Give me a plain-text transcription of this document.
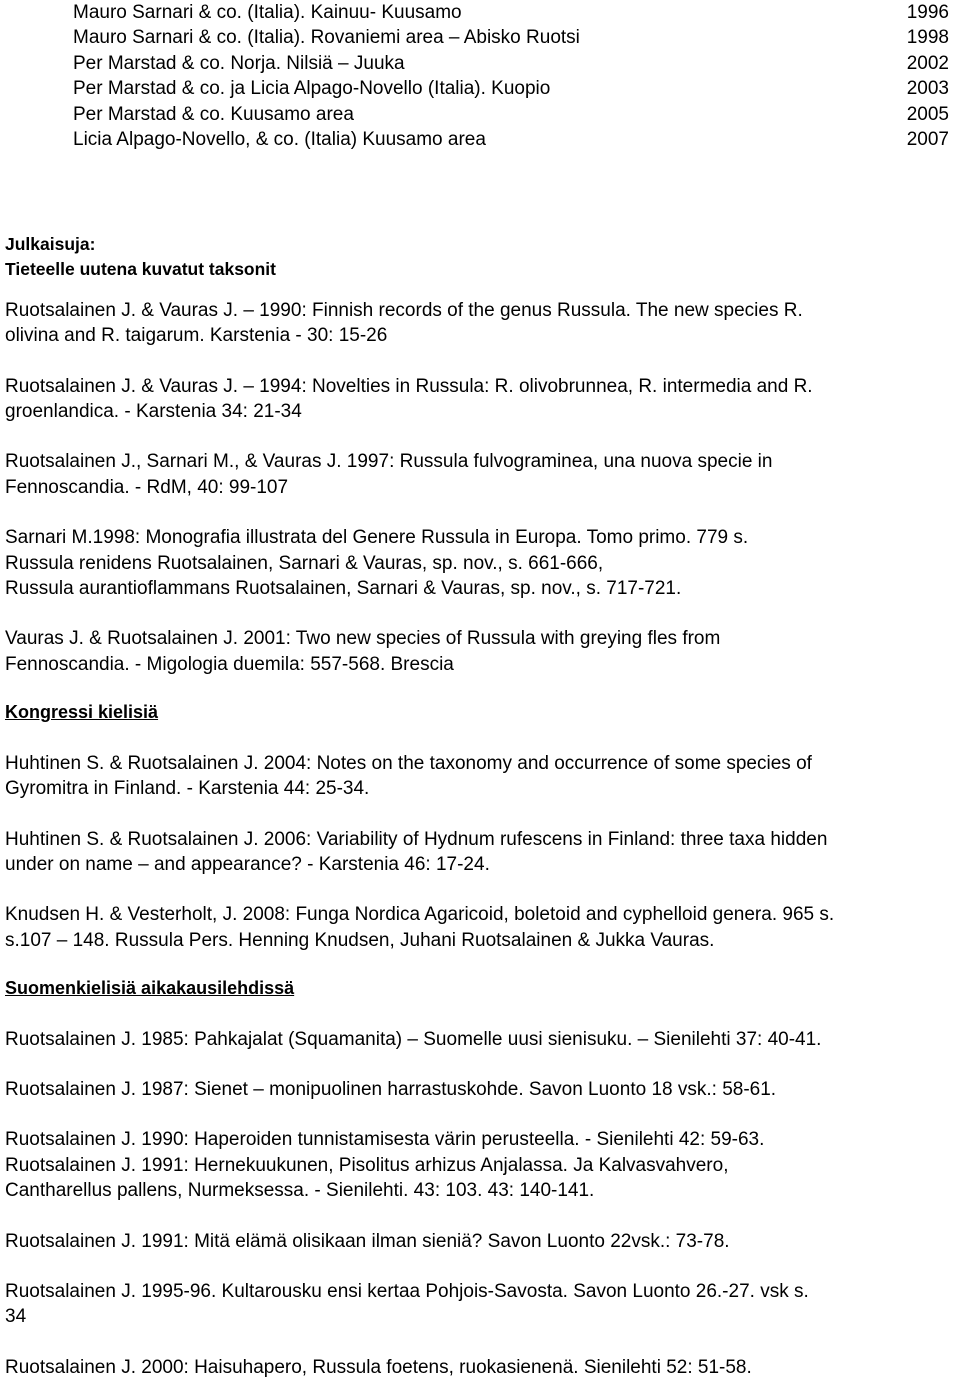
Mauro Sarnari & co. (Italia). Kainuu- Kuusamo	1996
Mauro Sarnari & co. (Italia). Rovaniemi area – Abisko Ruotsi	1998
Per Marstad & co. Norja. Nilsiä – Juuka	2002
Per Marstad & co. ja Licia Alpago-Novello (Italia). Kuopio	2003
Per Marstad & co. Kuusamo area	2005
Licia Alpago-Novello, & co. (Italia) Kuusamo area	2007
Julkaisuja:
Tieteelle uutena kuvatut taksonit
Ruotsalainen J. & Vauras J. – 1990: Finnish records of the genus Russula. The new species R.
olivina and R. taigarum. Karstenia - 30: 15-26
Ruotsalainen J. & Vauras J. – 1994: Novelties in Russula: R. olivobrunnea, R. intermedia and R.
groenlandica. - Karstenia 34: 21-34
Ruotsalainen J., Sarnari M., & Vauras J. 1997: Russula fulvograminea, una nuova specie in
Fennoscandia. - RdM, 40: 99-107
Sarnari M.1998: Monografia illustrata del Genere Russula in Europa. Tomo primo. 779 s.
Russula renidens Ruotsalainen, Sarnari & Vauras, sp. nov., s. 661-666,
Russula aurantioflammans Ruotsalainen, Sarnari & Vauras, sp. nov., s. 717-721.
Vauras J. & Ruotsalainen J. 2001: Two new species of Russula with greying fles from
Fennoscandia. - Migologia duemila: 557-568. Brescia
Kongressi kielisiä
Huhtinen S. & Ruotsalainen J. 2004: Notes on the taxonomy and occurrence of some species of
Gyromitra in Finland. - Karstenia 44: 25-34.
Huhtinen S. & Ruotsalainen J. 2006: Variability of Hydnum rufescens in Finland: three taxa hidden
under on name – and appearance? - Karstenia 46: 17-24.
Knudsen H. & Vesterholt, J. 2008: Funga Nordica Agaricoid, boletoid and cyphelloid genera. 965 s.
s.107 – 148. Russula Pers. Henning Knudsen, Juhani Ruotsalainen & Jukka Vauras.
Suomenkielisiä aikakausilehdissä
Ruotsalainen J. 1985: Pahkajalat (Squamanita) – Suomelle uusi sienisuku. – Sienilehti 37: 40-41.
Ruotsalainen J. 1987: Sienet – monipuolinen harrastuskohde. Savon Luonto 18 vsk.: 58-61.
Ruotsalainen J. 1990: Haperoiden tunnistamisesta värin perusteella. - Sienilehti 42: 59-63.
Ruotsalainen J. 1991: Hernekuukunen, Pisolitus arhizus Anjalassa. Ja Kalvasvahvero,
Cantharellus pallens, Nurmeksessa. - Sienilehti. 43: 103. 43: 140-141.
Ruotsalainen J. 1991: Mitä elämä olisikaan ilman sieniä? Savon Luonto 22vsk.: 73-78.
Ruotsalainen J. 1995-96. Kultarousku ensi kertaa Pohjois-Savosta. Savon Luonto 26.-27. vsk s.
34
Ruotsalainen J. 2000: Haisuhapero, Russula foetens, ruokasienenä. Sienilehti 52: 51-58.
